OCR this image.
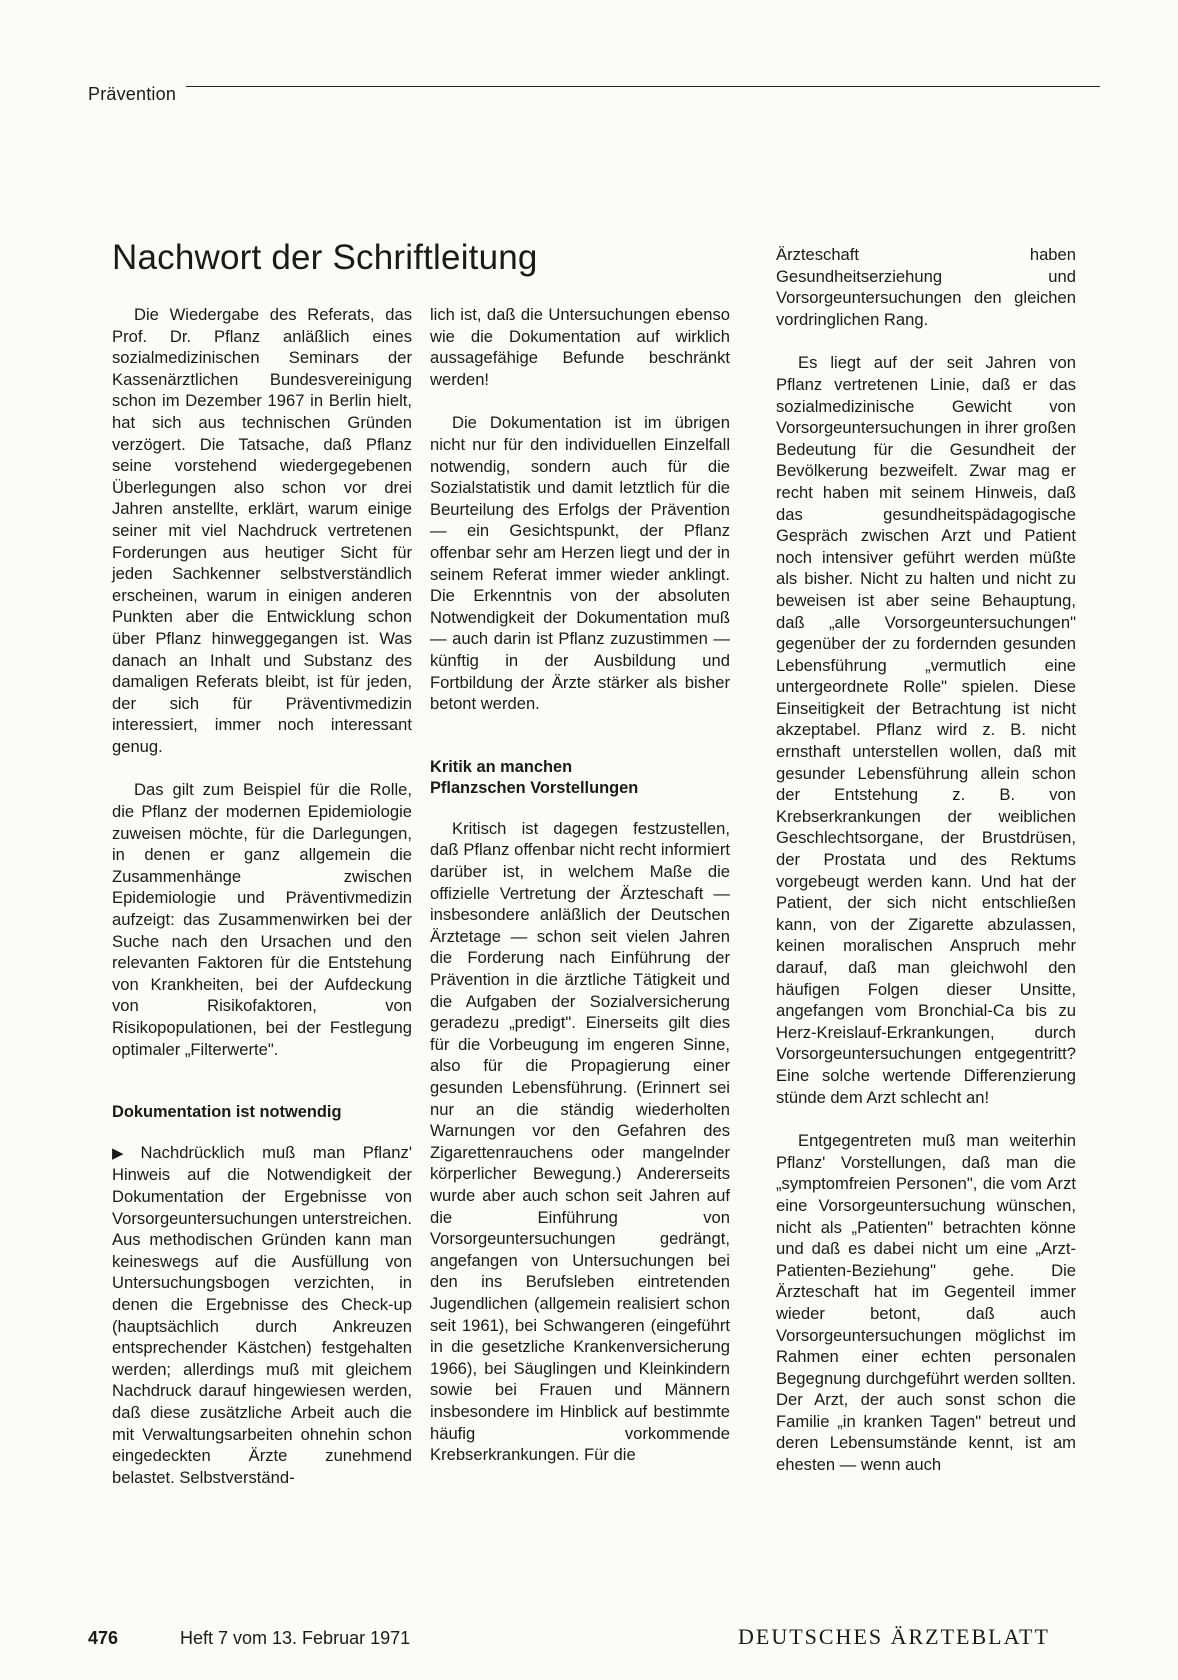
Prävention
Nachwort der Schriftleitung

Die Wiedergabe des Referats, das Prof. Dr. Pflanz anläßlich eines sozialmedizinischen Seminars der Kassenärztlichen Bundesvereinigung schon im Dezember 1967 in Berlin hielt, hat sich aus technischen Gründen verzögert. Die Tatsache, daß Pflanz seine vorstehend wiedergegebenen Überlegungen also schon vor drei Jahren anstellte, erklärt, warum einige seiner mit viel Nachdruck vertretenen Forderungen aus heutiger Sicht für jeden Sachkenner selbstverständlich erscheinen, warum in einigen anderen Punkten aber die Entwicklung schon über Pflanz hinweggegangen ist. Was danach an Inhalt und Substanz des damaligen Referats bleibt, ist für jeden, der sich für Präventivmedizin interessiert, immer noch interessant genug.

Das gilt zum Beispiel für die Rolle, die Pflanz der modernen Epidemiologie zuweisen möchte, für die Darlegungen, in denen er ganz allgemein die Zusammenhänge zwischen Epidemiologie und Präventivmedizin aufzeigt: das Zusammenwirken bei der Suche nach den Ursachen und den relevanten Faktoren für die Entstehung von Krankheiten, bei der Aufdeckung von Risikofaktoren, von Risikopopulationen, bei der Festlegung optimaler „Filterwerte".

Dokumentation ist notwendig

▶ Nachdrücklich muß man Pflanz' Hinweis auf die Notwendigkeit der Dokumentation der Ergebnisse von Vorsorgeuntersuchungen unterstreichen. Aus methodischen Gründen kann man keineswegs auf die Ausfüllung von Untersuchungsbogen verzichten, in denen die Ergebnisse des Check-up (hauptsächlich durch Ankreuzen entsprechender Kästchen) festgehalten werden; allerdings muß mit gleichem Nachdruck darauf hingewiesen werden, daß diese zusätzliche Arbeit auch die mit Verwaltungsarbeiten ohnehin schon eingedeckten Ärzte zunehmend belastet. Selbstverständ-

lich ist, daß die Untersuchungen ebenso wie die Dokumentation auf wirklich aussagefähige Befunde beschränkt werden!

Die Dokumentation ist im übrigen nicht nur für den individuellen Einzelfall notwendig, sondern auch für die Sozialstatistik und damit letztlich für die Beurteilung des Erfolgs der Prävention — ein Gesichtspunkt, der Pflanz offenbar sehr am Herzen liegt und der in seinem Referat immer wieder anklingt. Die Erkenntnis von der absoluten Notwendigkeit der Dokumentation muß — auch darin ist Pflanz zuzustimmen — künftig in der Ausbildung und Fortbildung der Ärzte stärker als bisher betont werden.

Kritik an manchen
Pflanzschen Vorstellungen

Kritisch ist dagegen festzustellen, daß Pflanz offenbar nicht recht informiert darüber ist, in welchem Maße die offizielle Vertretung der Ärzteschaft — insbesondere anläßlich der Deutschen Ärztetage — schon seit vielen Jahren die Forderung nach Einführung der Prävention in die ärztliche Tätigkeit und die Aufgaben der Sozialversicherung geradezu „predigt". Einerseits gilt dies für die Vorbeugung im engeren Sinne, also für die Propagierung einer gesunden Lebensführung. (Erinnert sei nur an die ständig wiederholten Warnungen vor den Gefahren des Zigarettenrauchens oder mangelnder körperlicher Bewegung.) Andererseits wurde aber auch schon seit Jahren auf die Einführung von Vorsorgeuntersuchungen gedrängt, angefangen von Untersuchungen bei den ins Berufsleben eintretenden Jugendlichen (allgemein realisiert schon seit 1961), bei Schwangeren (eingeführt in die gesetzliche Krankenversicherung 1966), bei Säuglingen und Kleinkindern sowie bei Frauen und Männern insbesondere im Hinblick auf bestimmte häufig vorkommende Krebserkrankungen. Für die

Ärzteschaft haben Gesundheitserziehung und Vorsorgeuntersuchungen den gleichen vordringlichen Rang.

Es liegt auf der seit Jahren von Pflanz vertretenen Linie, daß er das sozialmedizinische Gewicht von Vorsorgeuntersuchungen in ihrer großen Bedeutung für die Gesundheit der Bevölkerung bezweifelt. Zwar mag er recht haben mit seinem Hinweis, daß das gesundheitspädagogische Gespräch zwischen Arzt und Patient noch intensiver geführt werden müßte als bisher. Nicht zu halten und nicht zu beweisen ist aber seine Behauptung, daß „alle Vorsorgeuntersuchungen" gegenüber der zu fordernden gesunden Lebensführung „vermutlich eine untergeordnete Rolle" spielen. Diese Einseitigkeit der Betrachtung ist nicht akzeptabel. Pflanz wird z. B. nicht ernsthaft unterstellen wollen, daß mit gesunder Lebensführung allein schon der Entstehung z. B. von Krebserkrankungen der weiblichen Geschlechtsorgane, der Brustdrüsen, der Prostata und des Rektums vorgebeugt werden kann. Und hat der Patient, der sich nicht entschließen kann, von der Zigarette abzulassen, keinen moralischen Anspruch mehr darauf, daß man gleichwohl den häufigen Folgen dieser Unsitte, angefangen vom Bronchial-Ca bis zu Herz-Kreislauf-Erkrankungen, durch Vorsorgeuntersuchungen entgegentritt? Eine solche wertende Differenzierung stünde dem Arzt schlecht an!

Entgegentreten muß man weiterhin Pflanz' Vorstellungen, daß man die „symptomfreien Personen", die vom Arzt eine Vorsorgeuntersuchung wünschen, nicht als „Patienten" betrachten könne und daß es dabei nicht um eine „Arzt-Patienten-Beziehung" gehe. Die Ärzteschaft hat im Gegenteil immer wieder betont, daß auch Vorsorgeuntersuchungen möglichst im Rahmen einer echten personalen Begegnung durchgeführt werden sollten. Der Arzt, der auch sonst schon die Familie „in kranken Tagen" betreut und deren Lebensumstände kennt, ist am ehesten — wenn auch

476	Heft 7 vom 13. Februar 1971	DEUTSCHES ÄRZTEBLATT
